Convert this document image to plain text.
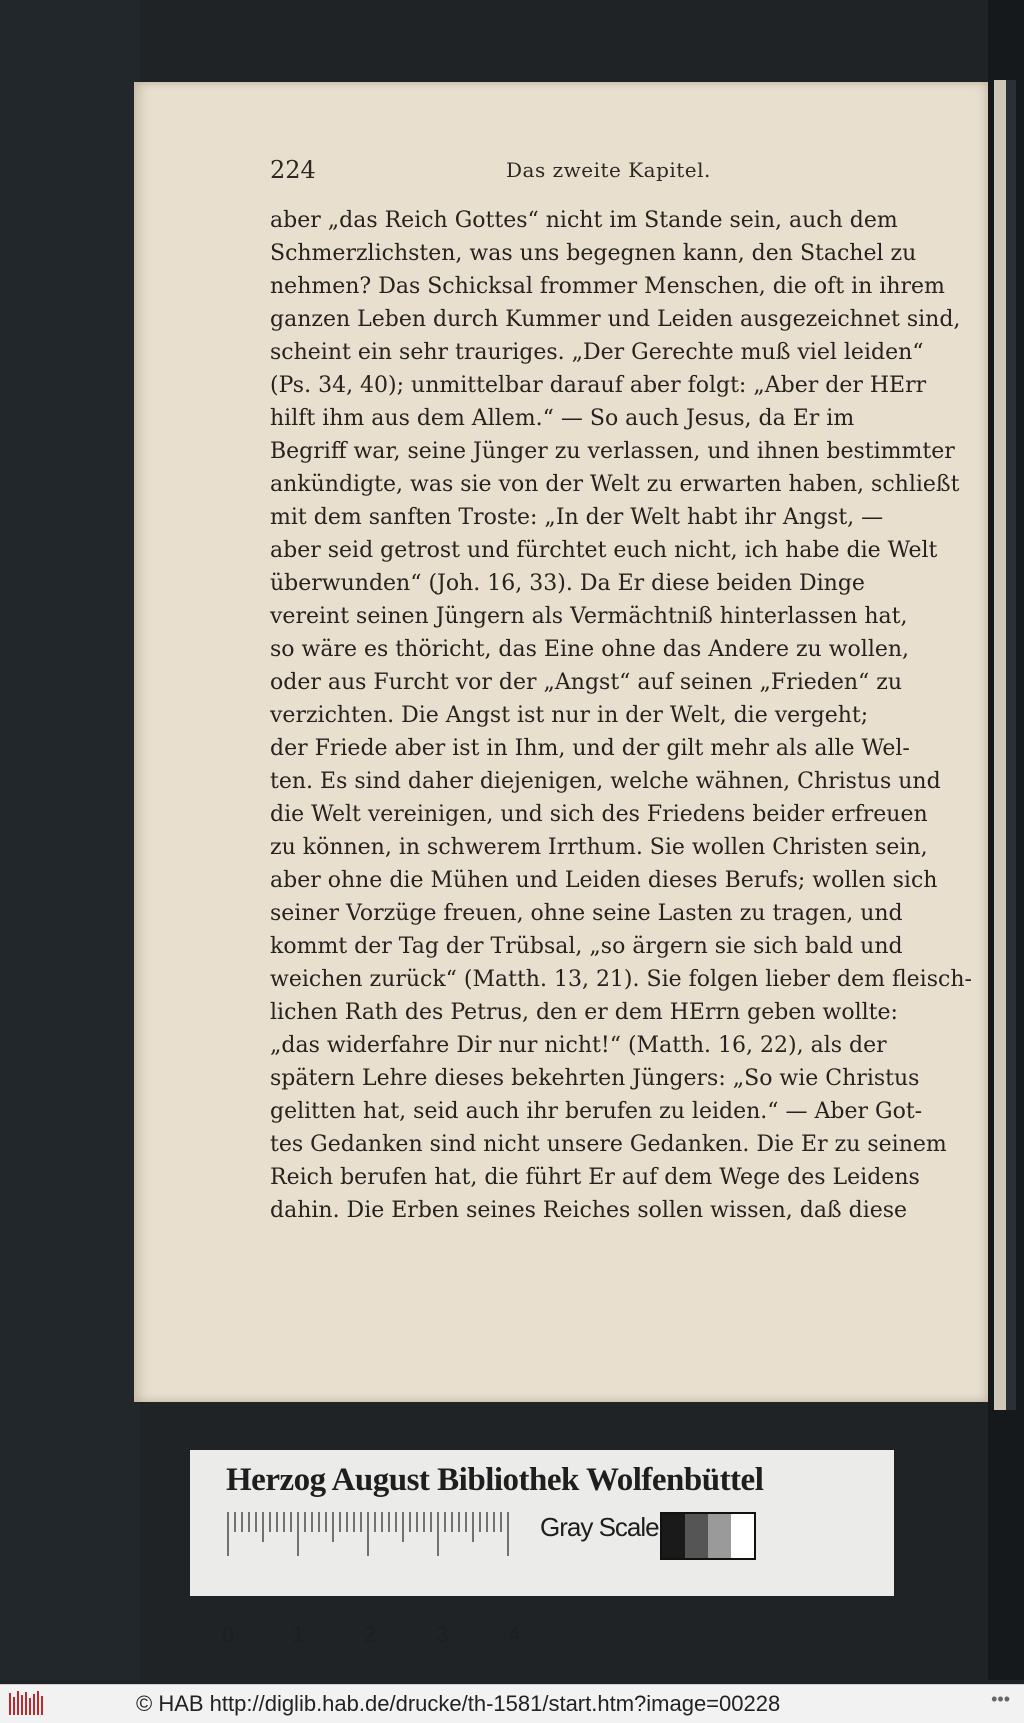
224	Das zweite Kapitel.
aber „das Reich Gottes“ nicht im Stande sein, auch dem
Schmerzlichsten, was uns begegnen kann, den Stachel zu
nehmen? Das Schicksal frommer Menschen, die oft in ihrem
ganzen Leben durch Kummer und Leiden ausgezeichnet sind,
scheint ein sehr trauriges. „Der Gerechte muß viel leiden“
(Ps. 34, 40); unmittelbar darauf aber folgt: „Aber der HErr
hilft ihm aus dem Allem.“ — So auch Jesus, da Er im
Begriff war, seine Jünger zu verlassen, und ihnen bestimmter
ankündigte, was sie von der Welt zu erwarten haben, schließt
mit dem sanften Troste: „In der Welt habt ihr Angst, —
aber seid getrost und fürchtet euch nicht, ich habe die Welt
überwunden“ (Joh. 16, 33). Da Er diese beiden Dinge
vereint seinen Jüngern als Vermächtniß hinterlassen hat,
so wäre es thöricht, das Eine ohne das Andere zu wollen,
oder aus Furcht vor der „Angst“ auf seinen „Frieden“ zu
verzichten. Die Angst ist nur in der Welt, die vergeht;
der Friede aber ist in Ihm, und der gilt mehr als alle Wel-
ten. Es sind daher diejenigen, welche wähnen, Christus und
die Welt vereinigen, und sich des Friedens beider erfreuen
zu können, in schwerem Irrthum. Sie wollen Christen sein,
aber ohne die Mühen und Leiden dieses Berufs; wollen sich
seiner Vorzüge freuen, ohne seine Lasten zu tragen, und
kommt der Tag der Trübsal, „so ärgern sie sich bald und
weichen zurück“ (Matth. 13, 21). Sie folgen lieber dem fleisch-
lichen Rath des Petrus, den er dem HErrn geben wollte:
„das widerfahre Dir nur nicht!“ (Matth. 16, 22), als der
spätern Lehre dieses bekehrten Jüngers: „So wie Christus
gelitten hat, seid auch ihr berufen zu leiden.“ — Aber Got-
tes Gedanken sind nicht unsere Gedanken. Die Er zu seinem
Reich berufen hat, die führt Er auf dem Wege des Leidens
dahin. Die Erben seines Reiches sollen wissen, daß diese
Herzog August Bibliothek Wolfenbüttel
0	1	2	3	4
Gray Scale
© HAB http://diglib.hab.de/drucke/th-1581/start.htm?image=00228	•••
